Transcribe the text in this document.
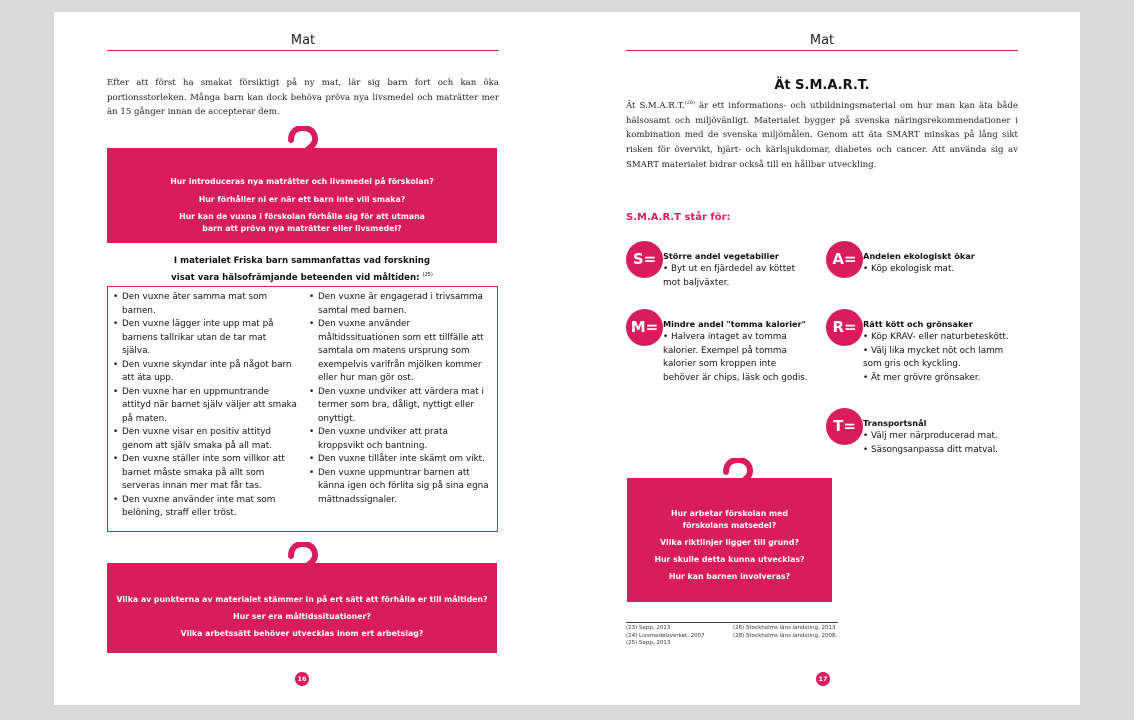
Mat
Efter att först ha smakat försiktigt på ny mat, lär sig barn fort och kan öka portionsstorleken. Många barn kan dock behöva pröva nya livsmedel och maträtter mer än 15 gånger innan de accepterar dem.

Hur introduceras nya maträtter och livsmedel på förskolan?

Hur förhåller ni er när ett barn inte vill smaka?

Hur kan de vuxna i förskolan förhålla sig för att utmana

barn att pröva nya maträtter eller livsmedel?

I materialet Friska barn sammanfattas vad forskning
visat vara hälsofrämjande beteenden vid måltiden: $^{(25)}$
• Den vuxne äter samma mat som barnen.
• Den vuxne lägger inte upp mat på barnens tallrikar utan de tar mat själva.
• Den vuxne skyndar inte på något barn att äta upp.
• Den vuxne har en uppmuntrande attityd när barnet själv väljer att smaka på maten.
• Den vuxne visar en positiv attityd genom att själv smaka på all mat.
• Den vuxne ställer inte som villkor att barnet måste smaka på allt som serveras innan mer mat får tas.
• Den vuxne använder inte mat som belöning, straff eller tröst.
• Den vuxne är engagerad i trivsamma samtal med barnen.
• Den vuxne använder måltidssituationen som ett tillfälle att samtala om matens ursprung som exempelvis varifrån mjölken kommer eller hur man gör ost.
• Den vuxne undviker att värdera mat i termer som bra, dåligt, nyttigt eller onyttigt.
• Den vuxne undviker att prata kroppsvikt och bantning.
• Den vuxne tillåter inte skämt om vikt.
• Den vuxne uppmuntrar barnen att känna igen och förlita sig på sina egna mättnadssignaler.

Vilka av punkterna av materialet stämmer in på ert sätt att förhålla er till måltiden?

Hur ser era måltidssituationer?

Vilka arbetssätt behöver utvecklas inom ert arbetslag?

16
Mat
Ät S.M.A.R.T.
Ät S.M.A.R.T.$^{(26)}$ är ett informations- och utbildningsmaterial om hur man kan äta både hälsosamt och miljövänligt. Materialet bygger på svenska näringsrekommendationer i kombination med de svenska miljömålen. Genom att äta SMART minskas på lång sikt risken för övervikt, hjärt- och kärlsjukdomar, diabetes och cancer. Att använda sig av SMART materialet bidrar också till en hållbar utveckling.
S.M.A.R.T står för:
S= Större andel vegetabilier
• Byt ut en fjärdedel av köttet
mot baljväxter.
M= Mindre andel "tomma kalorier"
• Halvera intaget av tomma
kalorier. Exempel på tomma
kalorier som kroppen inte
behöver är chips, läsk och godis.
A= Andelen ekologiskt ökar
• Köp ekologisk mat.
R= Rätt kött och grönsaker
• Köp KRAV- eller naturbeteskött.
• Välj lika mycket nöt och lamm
som gris och kyckling.
• Ät mer grövre grönsaker.
T= Transportsnål
• Välj mer närproducerad mat.
• Säsongsanpassa ditt matval.

Hur arbetar förskolan med

förskolans matsedel?

Vilka riktlinjer ligger till grund?

Hur skulle detta kunna utvecklas?

Hur kan barnen involveras?

(23) Sepp, 2013
(24) Livsmedelsverket, 2007
(25) Sepp, 2013
(26) Stockholms läns landsting, 2013
(28) Stockholms läns landsting, 2008.
17
